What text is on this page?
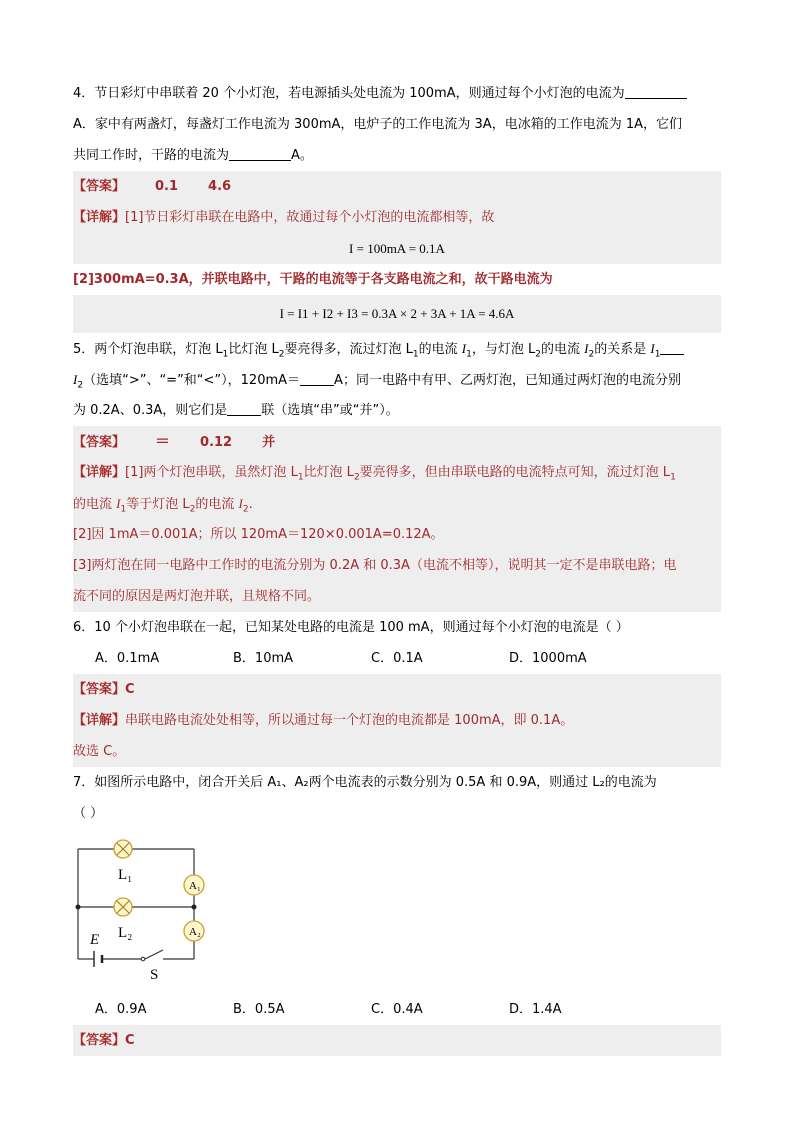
4．节日彩灯中串联着 20 个小灯泡，若电源插头处电流为 100mA，则通过每个小灯泡的电流为
A．家中有两盏灯，每盏灯工作电流为 300mA，电炉子的工作电流为 3A，电冰箱的工作电流为 1A，它们
共同工作时，干路的电流为	A。
【答案】 0.1 4.6
【详解】[1]节日彩灯串联在电路中，故通过每个小灯泡的电流都相等，故
I = 100mA = 0.1A
[2]300mA=0.3A，并联电路中，干路的电流等于各支路电流之和，故干路电流为
I = I1 + I2 + I3 = 0.3A × 2 + 3A + 1A = 4.6A
5．两个灯泡串联，灯泡 $L_1$比灯泡 $L_2$要亮得多，流过灯泡 $L_1$的电流 $I_1$，与灯泡 $L_2$的电流 $I_2$的关系是 $I_1$
$I_2$（选填“>”、“=”和“<”），120mA＝	A；同一电路中有甲、乙两灯泡，已知通过两灯泡的电流分别
为 0.2A、0.3A，则它们是	联（选填“串”或“并”）。
【答案】 ＝ 0.12 并
【详解】[1]两个灯泡串联，虽然灯泡 $L_1$比灯泡 $L_2$要亮得多，但由串联电路的电流特点可知，流过灯泡 $L_1$
的电流 $I_1$等于灯泡 $L_2$的电流 $I_2$.
[2]因 1mA＝0.001A；所以 120mA＝120×0.001A=0.12A。
[3]两灯泡在同一电路中工作时的电流分别为 0.2A 和 0.3A（电流不相等），说明其一定不是串联电路；电
流不同的原因是两灯泡并联，且规格不同。
6．10 个小灯泡串联在一起，已知某处电路的电流是 100 mA，则通过每个小灯泡的电流是（ ）
A．0.1mA	B．10mA	C．0.1A	D．1000mA
【答案】C
【详解】串联电路电流处处相等，所以通过每一个灯泡的电流都是 100mA，即 0.1A。
故选 C。
7．如图所示电路中，闭合开关后 A₁、A₂两个电流表的示数分别为 0.5A 和 0.9A，则通过 L₂的电流为
（ ）
A₁
A₂
L₁
L₂
E
S
A．0.9A	B．0.5A	C．0.4A	D．1.4A
【答案】C
